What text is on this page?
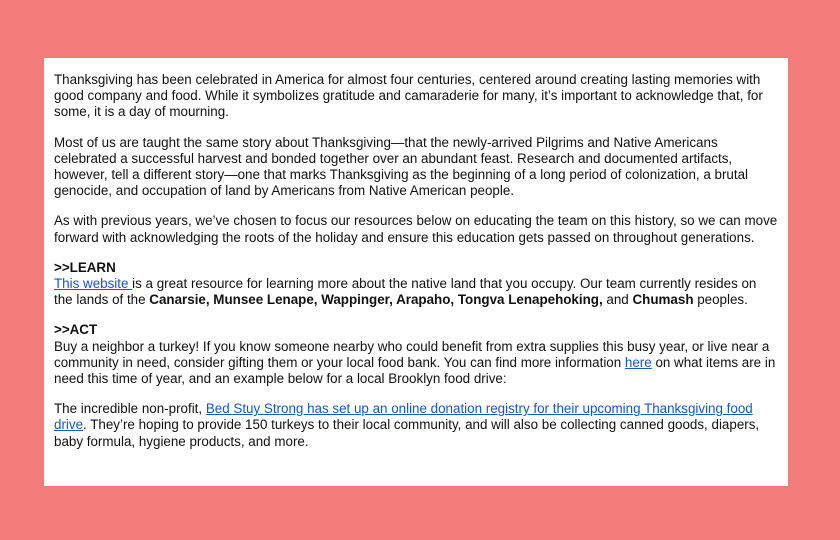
Thanksgiving has been celebrated in America for almost four centuries, centered around creating lasting memories with good company and food. While it symbolizes gratitude and camaraderie for many, it’s important to acknowledge that, for some, it is a day of mourning.

Most of us are taught the same story about Thanksgiving—that the newly-arrived Pilgrims and Native Americans celebrated a successful harvest and bonded together over an abundant feast. Research and documented artifacts, however, tell a different story—one that marks Thanksgiving as the beginning of a long period of colonization, a brutal genocide, and occupation of land by Americans from Native American people.

As with previous years, we’ve chosen to focus our resources below on educating the team on this history, so we can move forward with acknowledging the roots of the holiday and ensure this education gets passed on throughout generations.

>>LEARN
This website is a great resource for learning more about the native land that you occupy. Our team currently resides on the lands of the Canarsie, Munsee Lenape, Wappinger, Arapaho, Tongva Lenapehoking, and Chumash peoples.

>>ACT
Buy a neighbor a turkey! If you know someone nearby who could benefit from extra supplies this busy year, or live near a community in need, consider gifting them or your local food bank. You can find more information here on what items are in need this time of year, and an example below for a local Brooklyn food drive:

The incredible non-profit, Bed Stuy Strong has set up an online donation registry for their upcoming Thanksgiving food drive. They’re hoping to provide 150 turkeys to their local community, and will also be collecting canned goods, diapers, baby formula, hygiene products, and more.
